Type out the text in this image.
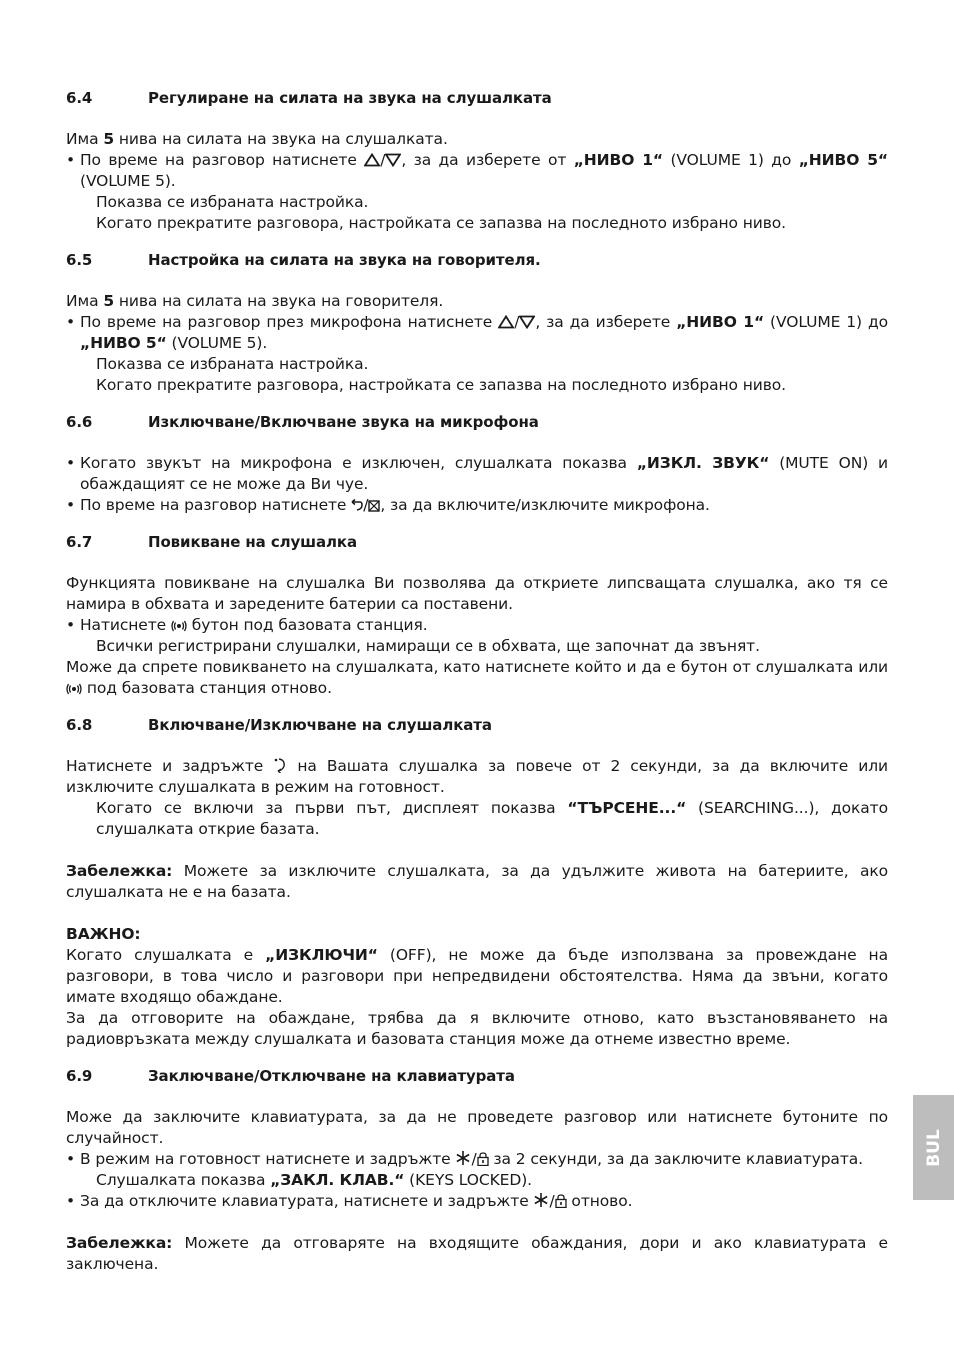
6.4	Регулиране на силата на звука на слушалката

Има 5 нива на силата на звука на слушалката.

• По време на разговор натиснете / , за да изберете от „НИВО 1“ (VOLUME 1) до „НИВО 5“ (VOLUME 5).

Показва се избраната настройка.

Когато прекратите разговора, настройката се запазва на последното избрано ниво.

6.5	Настройка на силата на звука на говорителя.

Има 5 нива на силата на звука на говорителя.

• По време на разговор през микрофона натиснете / , за да изберете „НИВО 1“ (VOLUME 1) до „НИВО 5“ (VOLUME 5).

Показва се избраната настройка.

Когато прекратите разговора, настройката се запазва на последното избрано ниво.

6.6	Изключване/Включване звука на микрофона
• Когато звукът на микрофона е изключен, слушалката показва „ИЗКЛ. ЗВУК“ (MUTE ON) и обаждащият се не може да Ви чуе.
• По време на разговор натиснете / , за да включите/изключите микрофона.
6.7	Повикване на слушалка

Функцията повикване на слушалка Ви позволява да откриете липсващата слушалка, ако тя се намира в обхвата и заредените батерии са поставени.

• Натиснете  бутон под базовата станция.

Всички регистрирани слушалки, намиращи се в обхвата, ще започнат да звънят.

Може да спрете повикването на слушалката, като натиснете който и да е бутон от слушалката или  под базовата станция отново.

6.8	Включване/Изключване на слушалката

Натиснете и задръжте  на Вашата слушалка за повече от 2 секунди, за да включите или изключите слушалката в режим на готовност.

Когато се включи за първи път, дисплеят показва “ТЪРСЕНЕ...“ (SEARCHING...), докато слушалката открие базата.

Забележка: Можете за изключите слушалката, за да удължите живота на батериите, ако слушалката не е на базата.

ВАЖНО:

Когато слушалката е „ИЗКЛЮЧИ“ (OFF), не може да бъде използвана за провеждане на разговори, в това число и разговори при непредвидени обстоятелства. Няма да звъни, когато имате входящо обаждане.

За да отговорите на обаждане, трябва да я включите отново, като възстановяването на радиовръзката между слушалката и базовата станция може да отнеме известно време.

6.9	Заключване/Отключване на клавиатурата

Може да заключите клавиатурата, за да не проведете разговор или натиснете бутоните по случайност.

• В режим на готовност натиснете и задръжте / за 2 секунди, за да заключите клавиатурата.

Слушалката показва „ЗАКЛ. КЛАВ.“ (KEYS LOCKED).

• За да отключите клавиатурата, натиснете и задръжте / отново.

Забележка: Можете да отговаряте на входящите обаждания, дори и ако клавиатурата е заключена.

BUL
